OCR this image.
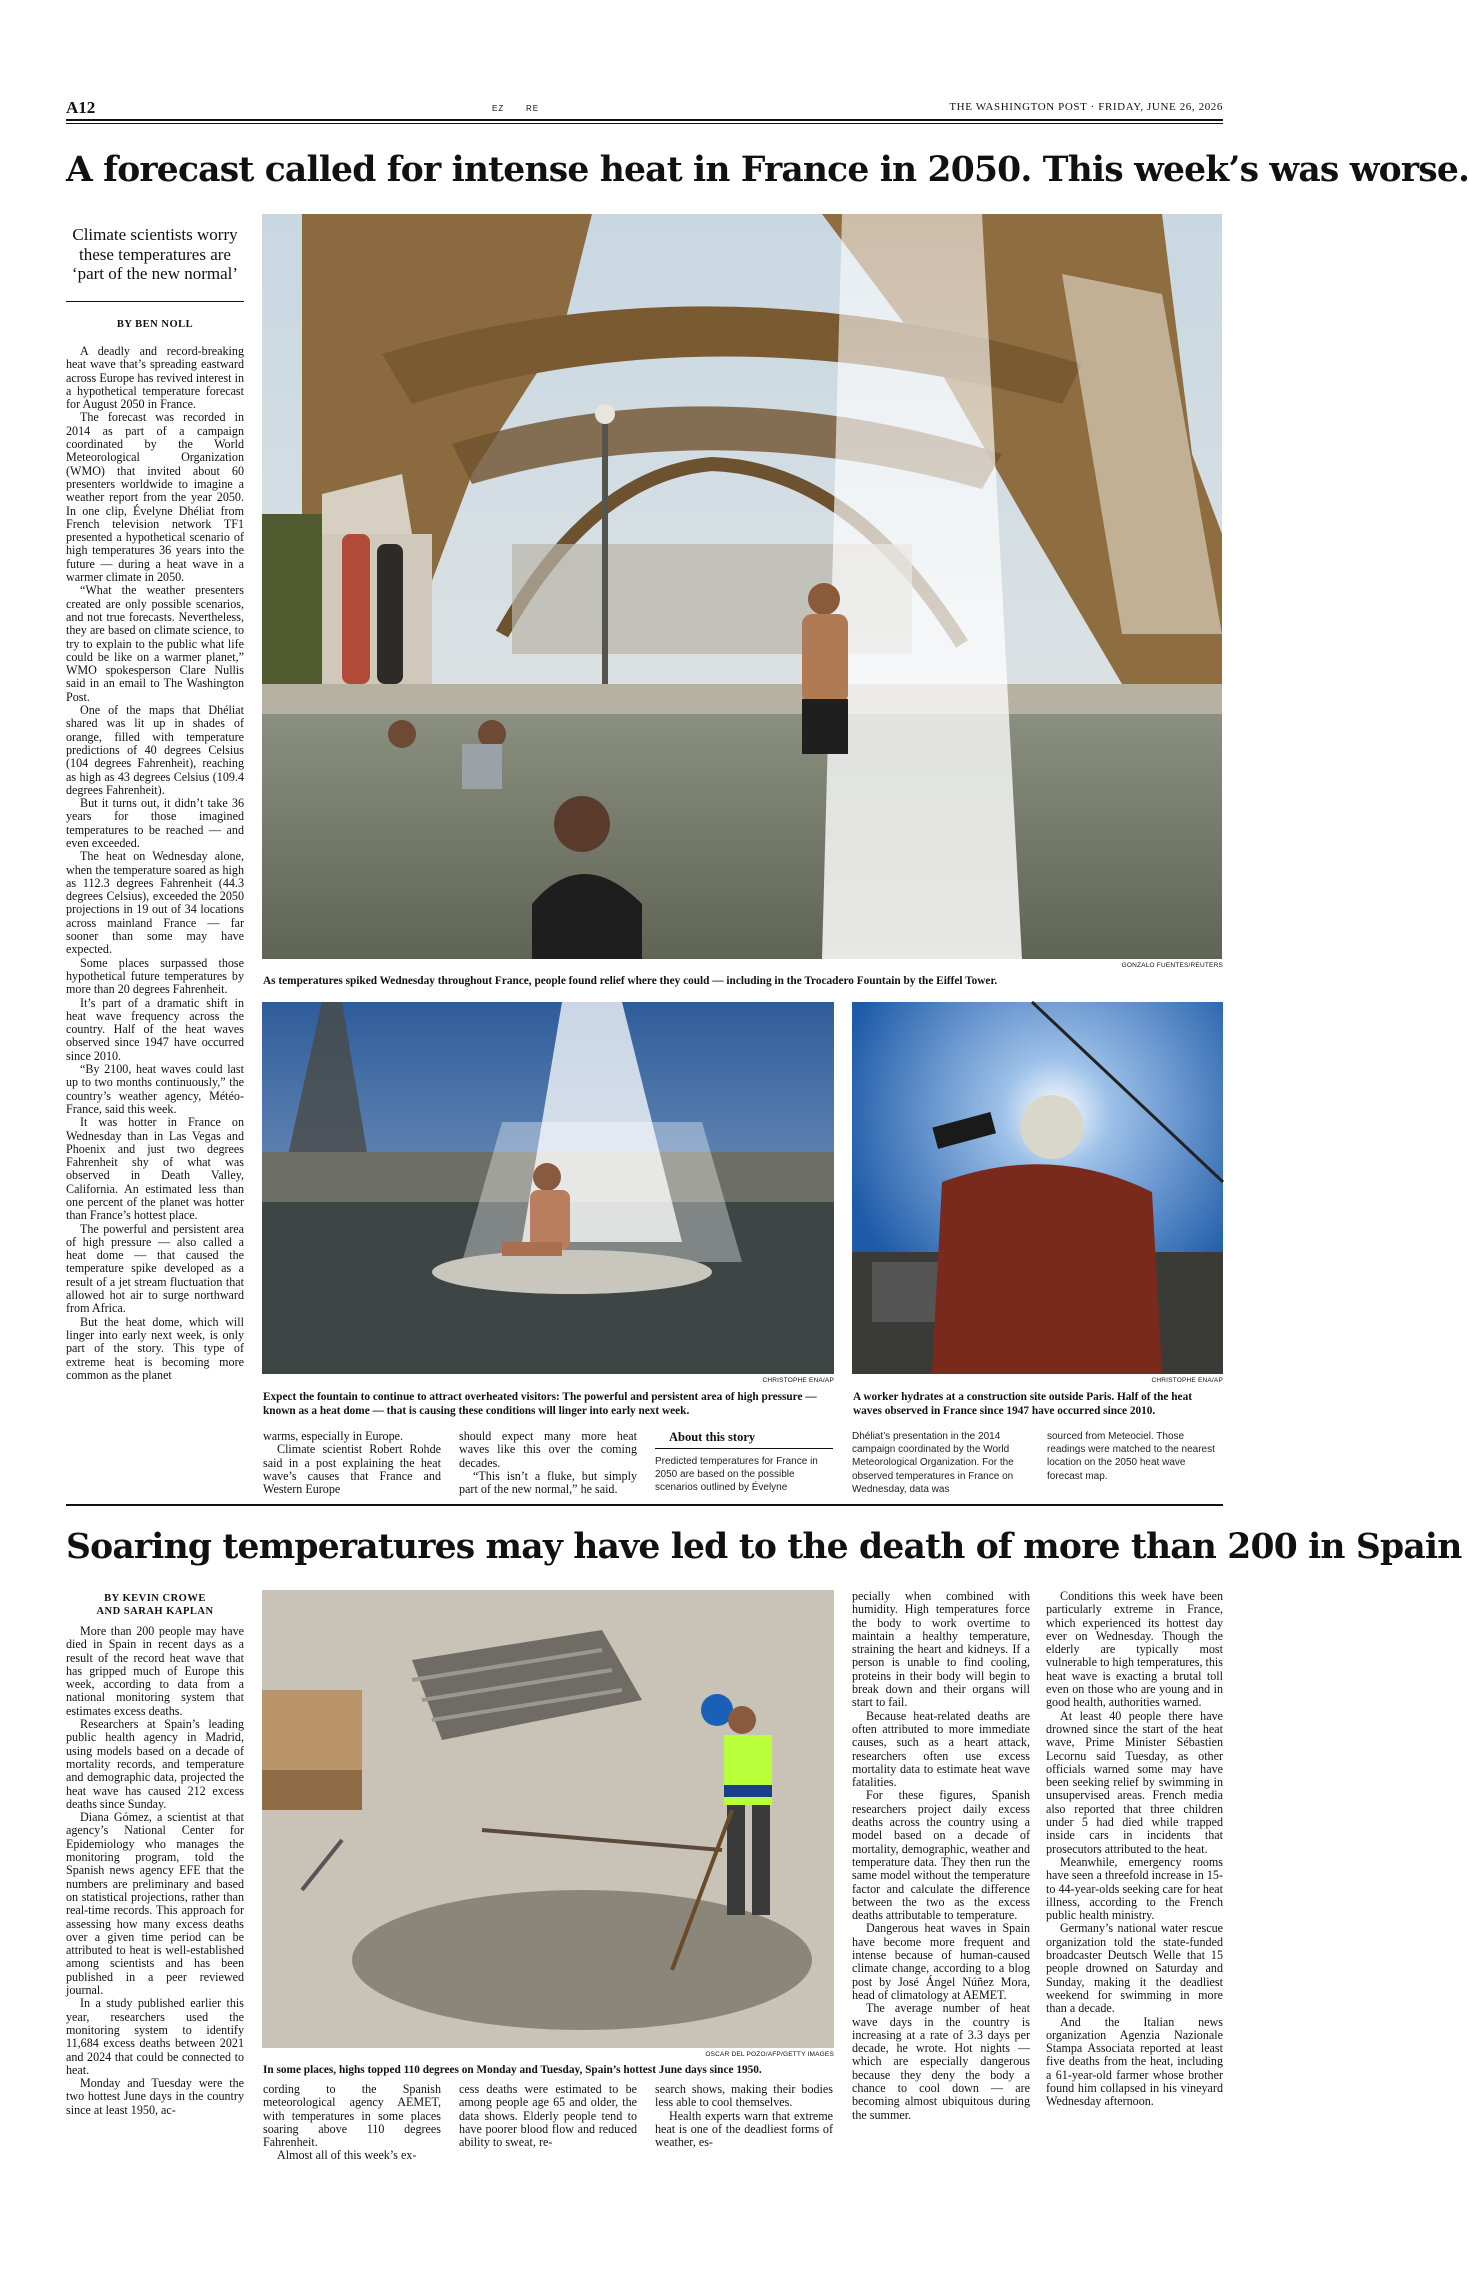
A12	EZ	RE	THE WASHINGTON POST · FRIDAY, JUNE 26, 2026
A forecast called for intense heat in France in 2050. This week’s was worse.
Climate scientists worry these temperatures are ‘part of the new normal’
BY BEN NOLL

A deadly and record-breaking heat wave that’s spreading eastward across Europe has revived interest in a hypothetical temperature forecast for August 2050 in France.

The forecast was recorded in 2014 as part of a campaign coordinated by the World Meteorological Organization (WMO) that invited about 60 presenters worldwide to imagine a weather report from the year 2050. In one clip, Évelyne Dhéliat from French television network TF1 presented a hypothetical scenario of high temperatures 36 years into the future — during a heat wave in a warmer climate in 2050.

“What the weather presenters created are only possible scenarios, and not true forecasts. Nevertheless, they are based on climate science, to try to explain to the public what life could be like on a warmer planet,” WMO spokesperson Clare Nullis said in an email to The Washington Post.

One of the maps that Dhéliat shared was lit up in shades of orange, filled with temperature predictions of 40 degrees Celsius (104 degrees Fahrenheit), reaching as high as 43 degrees Celsius (109.4 degrees Fahrenheit).

But it turns out, it didn’t take 36 years for those imagined temperatures to be reached — and even exceeded.

The heat on Wednesday alone, when the temperature soared as high as 112.3 degrees Fahrenheit (44.3 degrees Celsius), exceeded the 2050 projections in 19 out of 34 locations across mainland France — far sooner than some may have expected.

Some places surpassed those hypothetical future temperatures by more than 20 degrees Fahrenheit.

It’s part of a dramatic shift in heat wave frequency across the country. Half of the heat waves observed since 1947 have occurred since 2010.

“By 2100, heat waves could last up to two months continuously,” the country’s weather agency, Météo-France, said this week.

It was hotter in France on Wednesday than in Las Vegas and Phoenix and just two degrees Fahrenheit shy of what was observed in Death Valley, California. An estimated less than one percent of the planet was hotter than France’s hottest place.

The powerful and persistent area of high pressure — also called a heat dome — that caused the temperature spike developed as a result of a jet stream fluctuation that allowed hot air to surge northward from Africa.

But the heat dome, which will linger into early next week, is only part of the story. This type of extreme heat is becoming more common as the planet

GONZALO FUENTES/REUTERS
As temperatures spiked Wednesday throughout France, people found relief where they could — including in the Trocadero Fountain by the Eiffel Tower.
CHRISTOPHE ENA/AP
Expect the fountain to continue to attract overheated visitors: The powerful and persistent area of high pressure — known as a heat dome — that is causing these conditions will linger into early next week.
CHRISTOPHE ENA/AP
A worker hydrates at a construction site outside Paris. Half of the heat waves observed in France since 1947 have occurred since 2010.
warms, especially in Europe.

Climate scientist Robert Rohde said in a post explaining the heat wave’s causes that France and Western Europe

should expect many more heat waves like this over the coming decades.

“This isn’t a fluke, but simply part of the new normal,” he said.

About this story
Predicted temperatures for France in 2050 are based on the possible scenarios outlined by Évelyne
Dhéliat’s presentation in the 2014 campaign coordinated by the World Meteorological Organization. For the observed temperatures in France on Wednesday, data was
sourced from Meteociel. Those readings were matched to the nearest location on the 2050 heat wave forecast map.
Soaring temperatures may have led to the death of more than 200 in Spain
BY KEVIN CROWE
AND SARAH KAPLAN

More than 200 people may have died in Spain in recent days as a result of the record heat wave that has gripped much of Europe this week, according to data from a national monitoring system that estimates excess deaths.

Researchers at Spain’s leading public health agency in Madrid, using models based on a decade of mortality records, and temperature and demographic data, projected the heat wave has caused 212 excess deaths since Sunday.

Diana Gómez, a scientist at that agency’s National Center for Epidemiology who manages the monitoring program, told the Spanish news agency EFE that the numbers are preliminary and based on statistical projections, rather than real-time records. This approach for assessing how many excess deaths over a given time period can be attributed to heat is well-established among scientists and has been published in a peer reviewed journal.

In a study published earlier this year, researchers used the monitoring system to identify 11,684 excess deaths between 2021 and 2024 that could be connected to heat.

Monday and Tuesday were the two hottest June days in the country since at least 1950, ac-

OSCAR DEL POZO/AFP/GETTY IMAGES
In some places, highs topped 110 degrees on Monday and Tuesday, Spain’s hottest June days since 1950.
cording to the Spanish meteorological agency AEMET, with temperatures in some places soaring above 110 degrees Fahrenheit.

Almost all of this week’s ex-

cess deaths were estimated to be among people age 65 and older, the data shows. Elderly people tend to have poorer blood flow and reduced ability to sweat, re-
search shows, making their bodies less able to cool themselves.

Health experts warn that extreme heat is one of the deadliest forms of weather, es-

pecially when combined with humidity. High temperatures force the body to work overtime to maintain a healthy temperature, straining the heart and kidneys. If a person is unable to find cooling, proteins in their body will begin to break down and their organs will start to fail.

Because heat-related deaths are often attributed to more immediate causes, such as a heart attack, researchers often use excess mortality data to estimate heat wave fatalities.

For these figures, Spanish researchers project daily excess deaths across the country using a model based on a decade of mortality, demographic, weather and temperature data. They then run the same model without the temperature factor and calculate the difference between the two as the excess deaths attributable to temperature.

Dangerous heat waves in Spain have become more frequent and intense because of human-caused climate change, according to a blog post by José Ángel Núñez Mora, head of climatology at AEMET.

The average number of heat wave days in the country is increasing at a rate of 3.3 days per decade, he wrote. Hot nights — which are especially dangerous because they deny the body a chance to cool down — are becoming almost ubiquitous during the summer.

Conditions this week have been particularly extreme in France, which experienced its hottest day ever on Wednesday. Though the elderly are typically most vulnerable to high temperatures, this heat wave is exacting a brutal toll even on those who are young and in good health, authorities warned.

At least 40 people there have drowned since the start of the heat wave, Prime Minister Sébastien Lecornu said Tuesday, as other officials warned some may have been seeking relief by swimming in unsupervised areas. French media also reported that three children under 5 had died while trapped inside cars in incidents that prosecutors attributed to the heat.

Meanwhile, emergency rooms have seen a threefold increase in 15- to 44-year-olds seeking care for heat illness, according to the French public health ministry.

Germany’s national water rescue organization told the state-funded broadcaster Deutsch Welle that 15 people drowned on Saturday and Sunday, making it the deadliest weekend for swimming in more than a decade.

And the Italian news organization Agenzia Nazionale Stampa Associata reported at least five deaths from the heat, including a 61-year-old farmer whose brother found him collapsed in his vineyard Wednesday afternoon.
